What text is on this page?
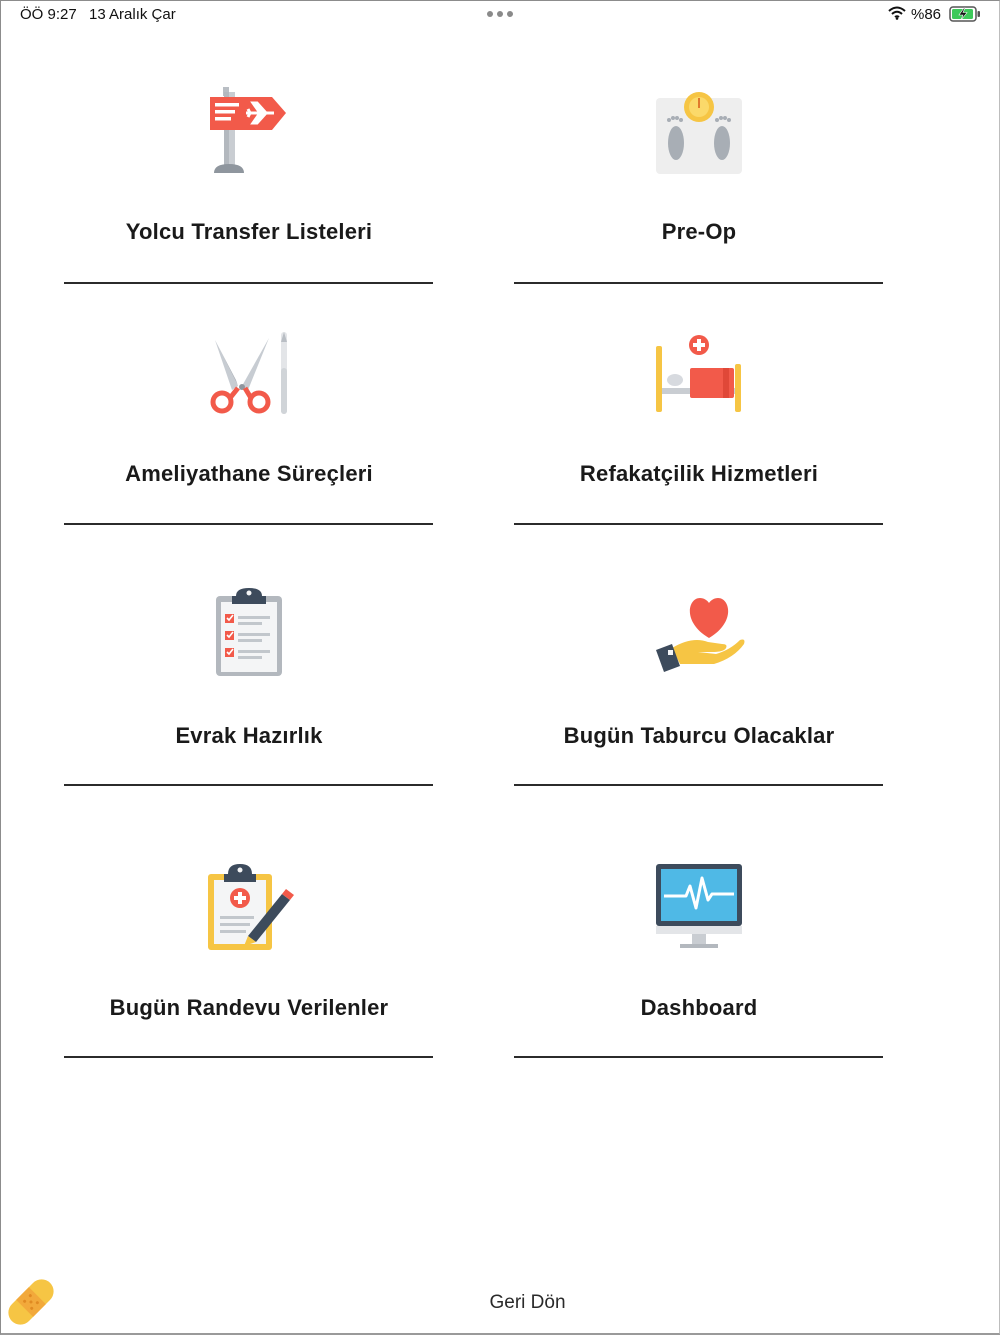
ÖÖ 9:27 13 Aralık Çar	%86
Yolcu Transfer Listeleri	Pre-Op
Ameliyathane Süreçleri	Refakatçilik Hizmetleri
Evrak Hazırlık	Bugün Taburcu Olacaklar
Bugün Randevu Verilenler	Dashboard
Geri Dön
